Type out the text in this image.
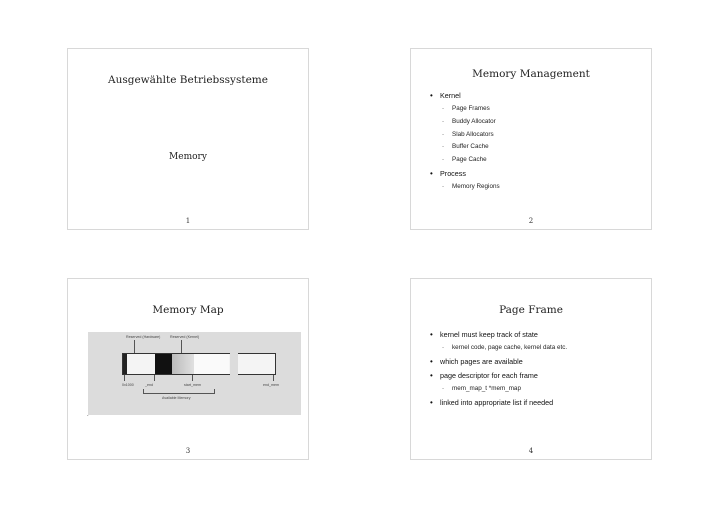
Ausgewählte Betriebssysteme
Memory
1
Memory Management
• Kernel
- Page Frames
- Buddy Allocator
- Slab Allocators
- Buffer Cache
- Page Cache
• Process
- Memory Regions
2
Memory Map
Reserved (Hardware)	Reserved (Kernel)
0x1000	_end	start_mem	end_mem
Available Memory
3
Page Frame
• kernel must keep track of state
- kernel code, page cache, kernel data etc.
• which pages are available
• page descriptor for each frame
- mem_map_t *mem_map
• linked into appropriate list if needed
4
.
